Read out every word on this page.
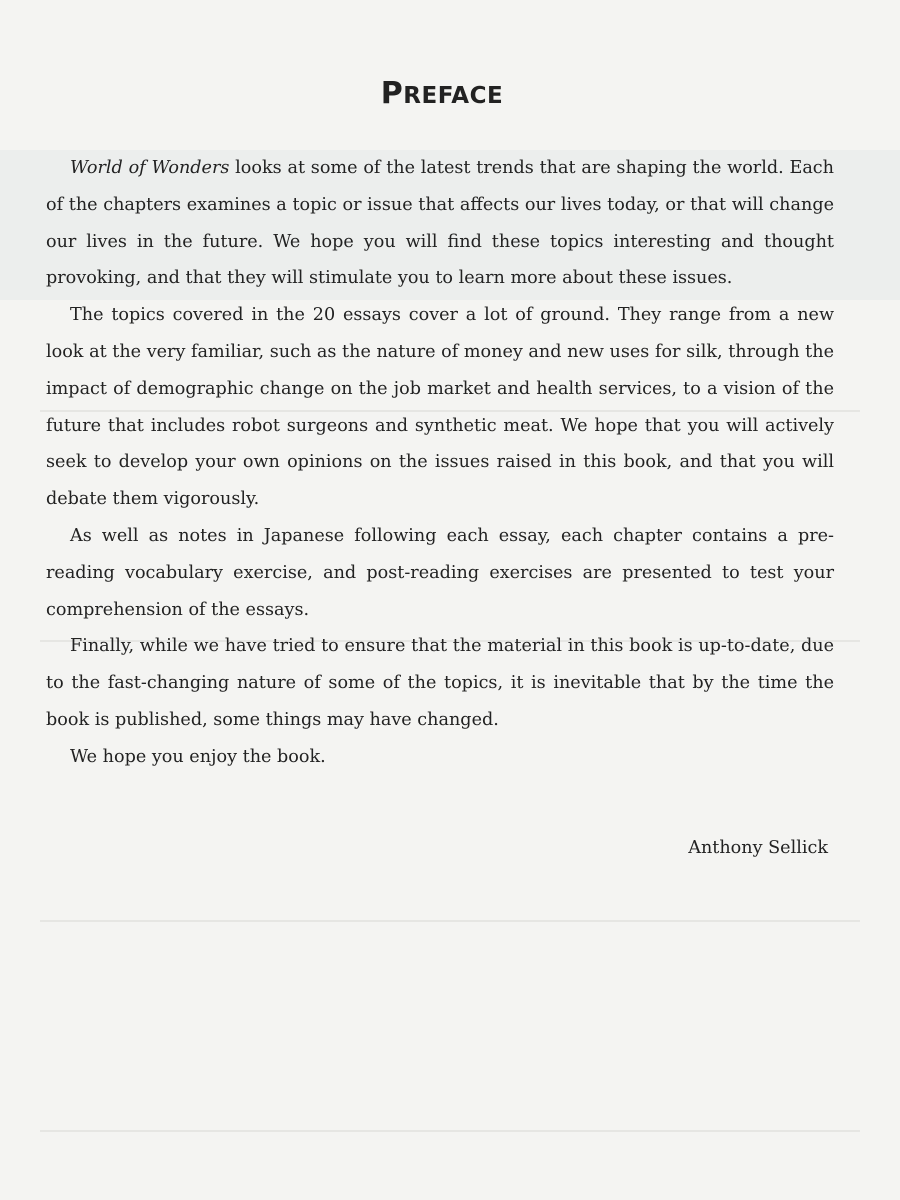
PREFACE

World of Wonders looks at some of the latest trends that are shaping the world. Each of the chapters examines a topic or issue that affects our lives today, or that will change our lives in the future. We hope you will find these topics interesting and thought provoking, and that they will stimulate you to learn more about these issues.

The topics covered in the 20 essays cover a lot of ground. They range from a new look at the very familiar, such as the nature of money and new uses for silk, through the impact of demographic change on the job market and health services, to a vision of the future that includes robot surgeons and synthetic meat. We hope that you will actively seek to develop your own opinions on the issues raised in this book, and that you will debate them vigorously.

As well as notes in Japanese following each essay, each chapter contains a pre-reading vocabulary exercise, and post-reading exercises are presented to test your comprehension of the essays.

Finally, while we have tried to ensure that the material in this book is up-to-date, due to the fast-changing nature of some of the topics, it is inevitable that by the time the book is published, some things may have changed.

We hope you enjoy the book.

Anthony Sellick
